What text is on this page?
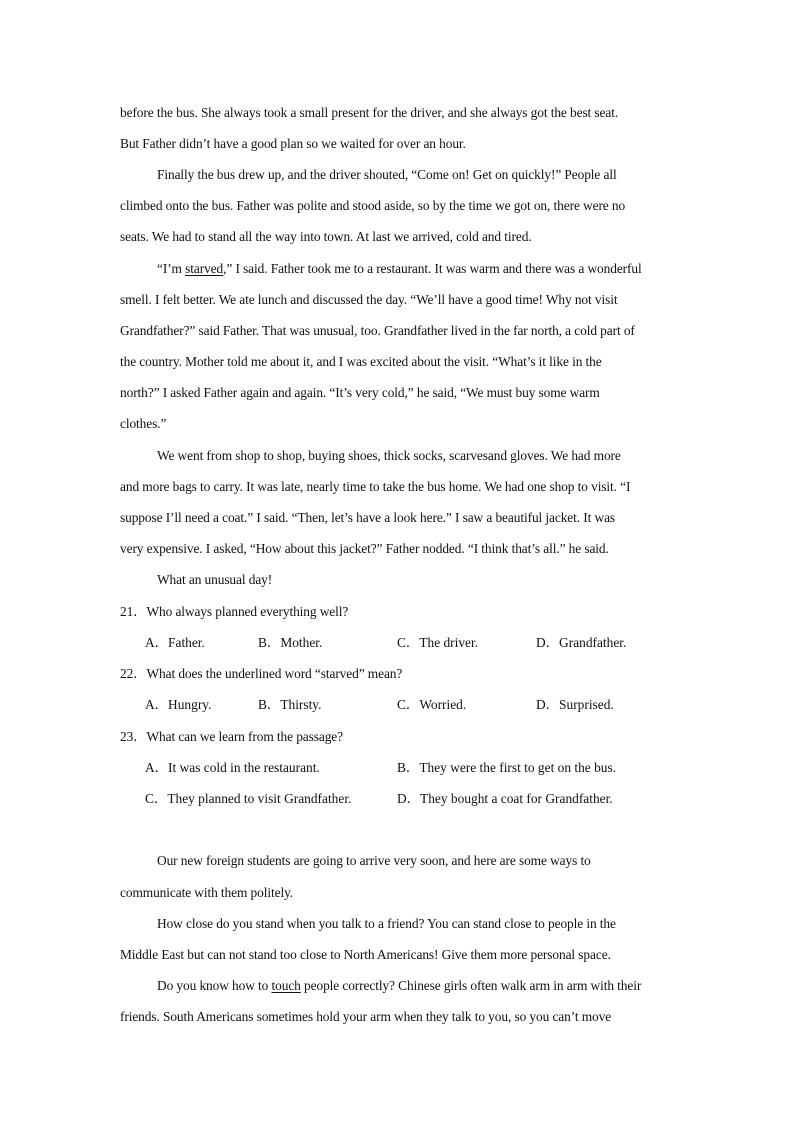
before the bus. She always took a small present for the driver, and she always got the best seat.
But Father didn’t have a good plan so we waited for over an hour.
Finally the bus drew up, and the driver shouted, “Come on! Get on quickly!” People all
climbed onto the bus. Father was polite and stood aside, so by the time we got on, there were no
seats. We had to stand all the way into town. At last we arrived, cold and tired.
“I’m starved,” I said. Father took me to a restaurant. It was warm and there was a wonderful
smell. I felt better. We ate lunch and discussed the day. “We’ll have a good time! Why not visit
Grandfather?” said Father. That was unusual, too. Grandfather lived in the far north, a cold part of
the country. Mother told me about it, and I was excited about the visit. “What’s it like in the
north?” I asked Father again and again. “It’s very cold,” he said, “We must buy some warm
clothes.”
We went from shop to shop, buying shoes, thick socks, scarvesand gloves. We had more
and more bags to carry. It was late, nearly time to take the bus home. We had one shop to visit. “I
suppose I’ll need a coat.” I said. “Then, let’s have a look here.” I saw a beautiful jacket. It was
very expensive. I asked, “How about this jacket?” Father nodded. “I think that’s all.” he said.
What an unusual day!
21．Who always planned everything well?
A．Father.	B．Mother.	C．The driver.	D．Grandfather.
22．What does the underlined word “starved” mean?
A．Hungry.	B．Thirsty.	C．Worried.	D．Surprised.
23．What can we learn from the passage?
A．It was cold in the restaurant.	B．They were the first to get on the bus.
C．They planned to visit Grandfather.	D．They bought a coat for Grandfather.
Our new foreign students are going to arrive very soon, and here are some ways to
communicate with them politely.
How close do you stand when you talk to a friend? You can stand close to people in the
Middle East but can not stand too close to North Americans! Give them more personal space.
Do you know how to touch people correctly? Chinese girls often walk arm in arm with their
friends. South Americans sometimes hold your arm when they talk to you, so you can’t move
